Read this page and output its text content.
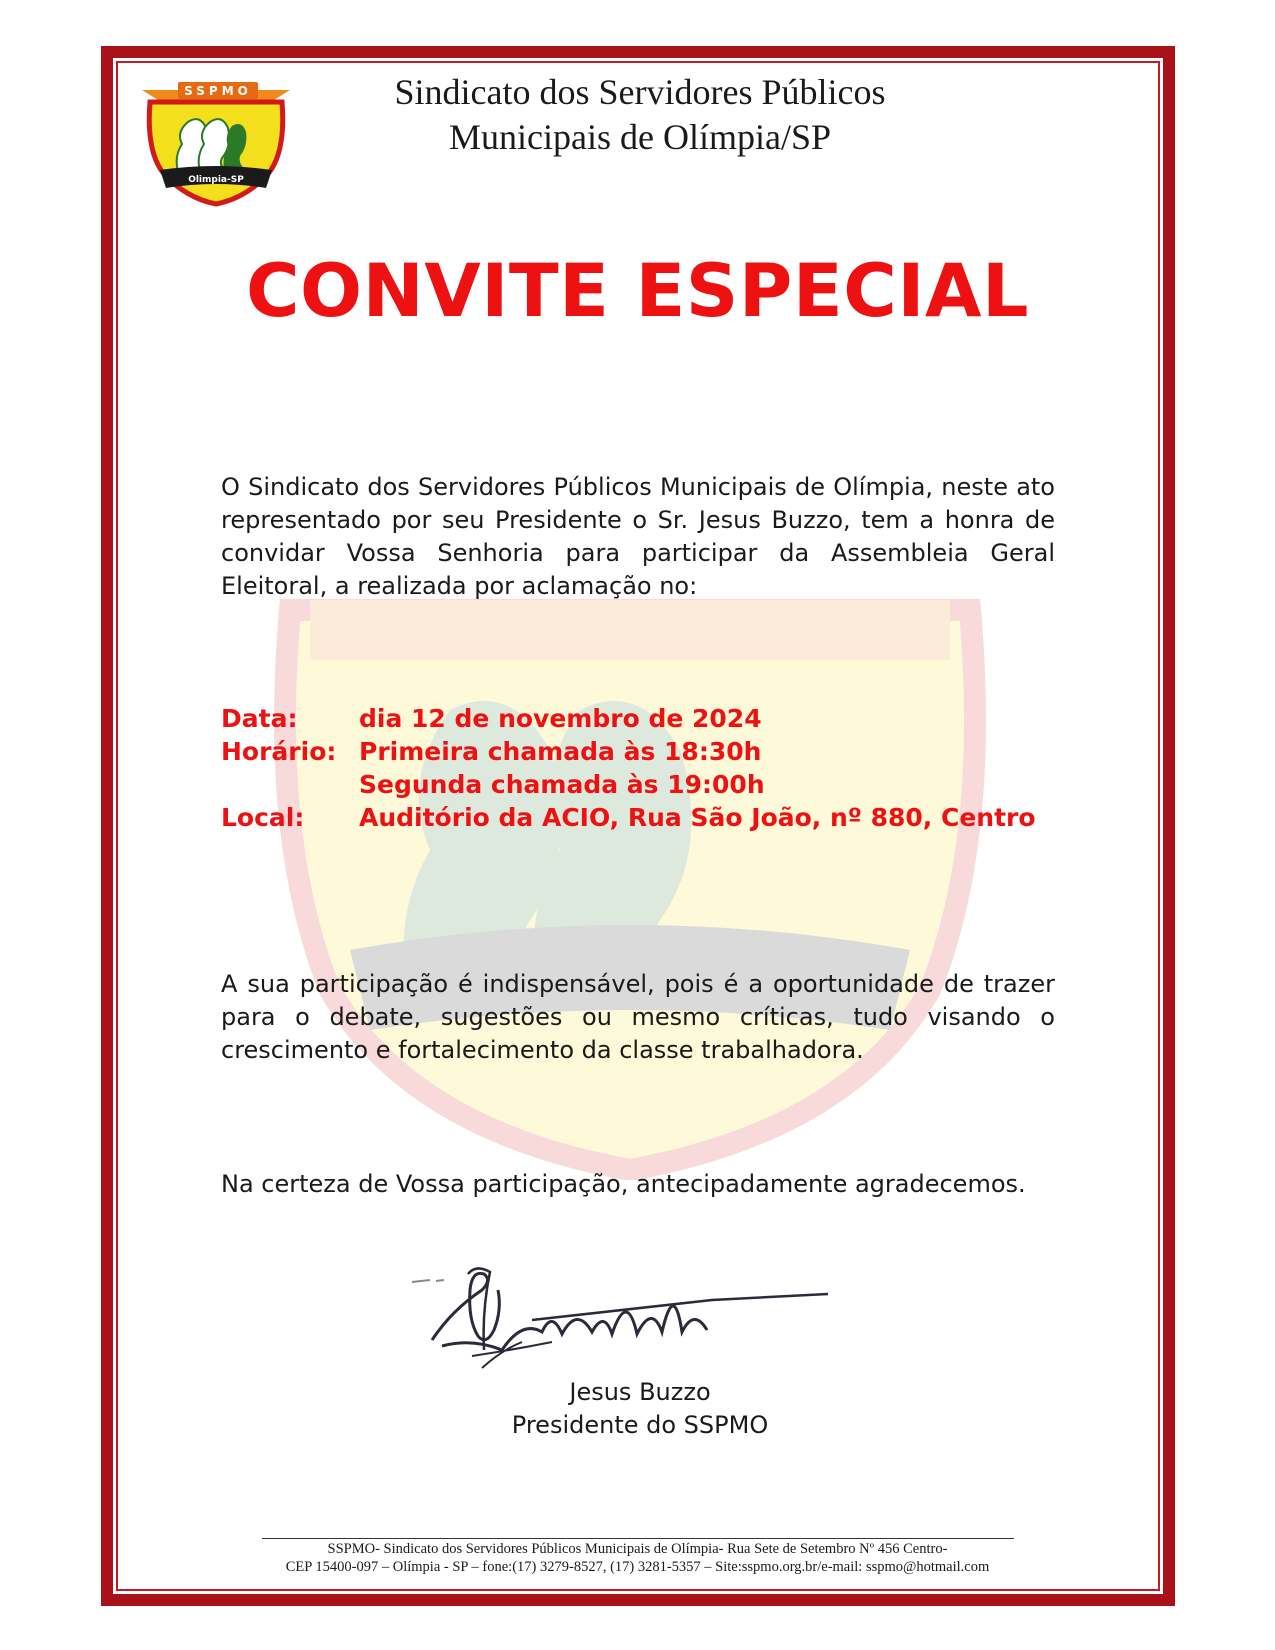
SSPMO
Olimpia-SP
Sindicato dos Servidores Públicos
Municipais de Olímpia/SP
CONVITE ESPECIAL
O Sindicato dos Servidores Públicos Municipais de Olímpia, neste ato representado por seu Presidente o Sr. Jesus Buzzo, tem a honra de convidar Vossa Senhoria para participar da Assembleia Geral Eleitoral, a realizada por aclamação no:
Data:	dia 12 de novembro de 2024
Horário: Primeira chamada às 18:30h
Segunda chamada às 19:00h
Local:	Auditório da ACIO, Rua São João, nº 880, Centro
A sua participação é indispensável, pois é a oportunidade de trazer para o debate, sugestões ou mesmo críticas, tudo visando o crescimento e fortalecimento da classe trabalhadora.
Na certeza de Vossa participação, antecipadamente agradecemos.
Jesus Buzzo
Presidente do SSPMO
SSPMO- Sindicato dos Servidores Públicos Municipais de Olímpia- Rua Sete de Setembro Nº 456 Centro-
CEP 15400-097 – Olímpia - SP – fone:(17) 3279-8527, (17) 3281-5357 – Site:sspmo.org.br/e-mail: sspmo@hotmail.com
